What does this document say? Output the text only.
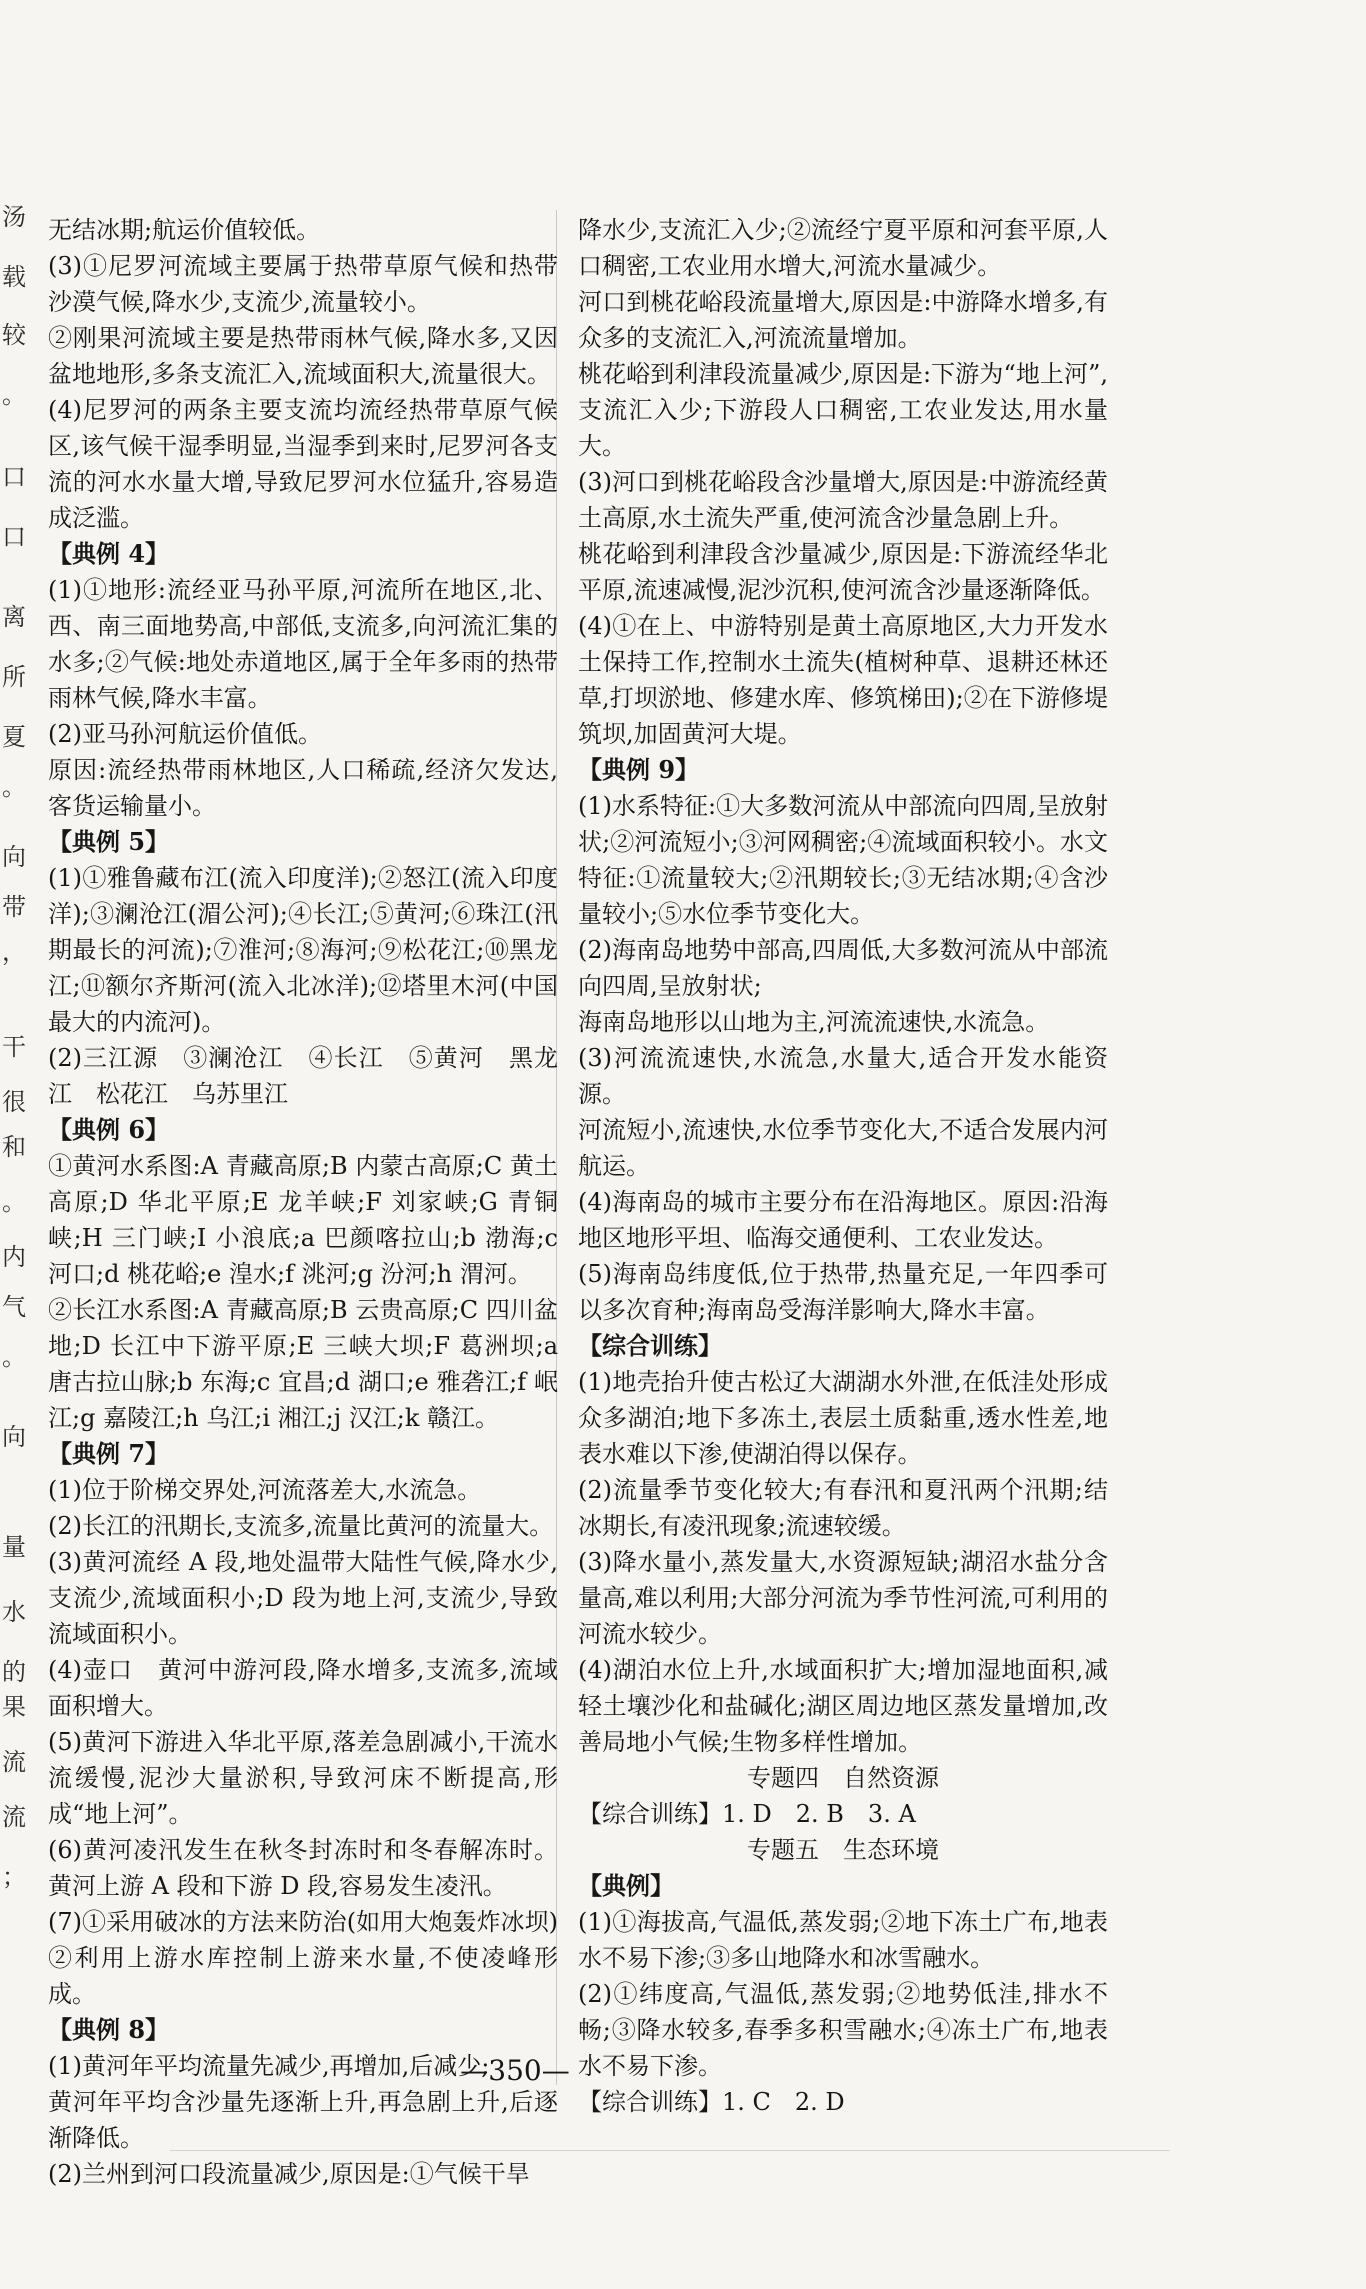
汤
载
较
。
口
口
离
所
夏
。
向
带
，
干
很
和
。
内
气
。
向
量
水
的
果
流
流
；

无结冰期;航运价值较低。

(3)①尼罗河流域主要属于热带草原气候和热带沙漠气候,降水少,支流少,流量较小。

②刚果河流域主要是热带雨林气候,降水多,又因盆地地形,多条支流汇入,流域面积大,流量很大。

(4)尼罗河的两条主要支流均流经热带草原气候区,该气候干湿季明显,当湿季到来时,尼罗河各支流的河水水量大增,导致尼罗河水位猛升,容易造成泛滥。

【典例 4】

(1)①地形:流经亚马孙平原,河流所在地区,北、西、南三面地势高,中部低,支流多,向河流汇集的水多;②气候:地处赤道地区,属于全年多雨的热带雨林气候,降水丰富。

(2)亚马孙河航运价值低。

原因:流经热带雨林地区,人口稀疏,经济欠发达,客货运输量小。

【典例 5】

(1)①雅鲁藏布江(流入印度洋);②怒江(流入印度洋);③澜沧江(湄公河);④长江;⑤黄河;⑥珠江(汛期最长的河流);⑦淮河;⑧海河;⑨松花江;⑩黑龙江;⑪额尔齐斯河(流入北冰洋);⑫塔里木河(中国最大的内流河)。

(2)三江源　③澜沧江　④长江　⑤黄河　黑龙江　松花江　乌苏里江

【典例 6】

①黄河水系图:A 青藏高原;B 内蒙古高原;C 黄土高原;D 华北平原;E 龙羊峡;F 刘家峡;G 青铜峡;H 三门峡;I 小浪底;a 巴颜喀拉山;b 渤海;c 河口;d 桃花峪;e 湟水;f 洮河;g 汾河;h 渭河。

②长江水系图:A 青藏高原;B 云贵高原;C 四川盆地;D 长江中下游平原;E 三峡大坝;F 葛洲坝;a 唐古拉山脉;b 东海;c 宜昌;d 湖口;e 雅砻江;f 岷江;g 嘉陵江;h 乌江;i 湘江;j 汉江;k 赣江。

【典例 7】

(1)位于阶梯交界处,河流落差大,水流急。

(2)长江的汛期长,支流多,流量比黄河的流量大。

(3)黄河流经 A 段,地处温带大陆性气候,降水少,支流少,流域面积小;D 段为地上河,支流少,导致流域面积小。

(4)壶口　黄河中游河段,降水增多,支流多,流域面积增大。

(5)黄河下游进入华北平原,落差急剧减小,干流水流缓慢,泥沙大量淤积,导致河床不断提高,形成“地上河”。

(6)黄河凌汛发生在秋冬封冻时和冬春解冻时。黄河上游 A 段和下游 D 段,容易发生凌汛。

(7)①采用破冰的方法来防治(如用大炮轰炸冰坝)　②利用上游水库控制上游来水量,不使凌峰形成。

【典例 8】

(1)黄河年平均流量先减少,再增加,后减少;

黄河年平均含沙量先逐渐上升,再急剧上升,后逐渐降低。

(2)兰州到河口段流量减少,原因是:①气候干旱

降水少,支流汇入少;②流经宁夏平原和河套平原,人口稠密,工农业用水增大,河流水量减少。

河口到桃花峪段流量增大,原因是:中游降水增多,有众多的支流汇入,河流流量增加。

桃花峪到利津段流量减少,原因是:下游为“地上河”,支流汇入少;下游段人口稠密,工农业发达,用水量大。

(3)河口到桃花峪段含沙量增大,原因是:中游流经黄土高原,水土流失严重,使河流含沙量急剧上升。

桃花峪到利津段含沙量减少,原因是:下游流经华北平原,流速减慢,泥沙沉积,使河流含沙量逐渐降低。

(4)①在上、中游特别是黄土高原地区,大力开发水土保持工作,控制水土流失(植树种草、退耕还林还草,打坝淤地、修建水库、修筑梯田);②在下游修堤筑坝,加固黄河大堤。

【典例 9】

(1)水系特征:①大多数河流从中部流向四周,呈放射状;②河流短小;③河网稠密;④流域面积较小。水文特征:①流量较大;②汛期较长;③无结冰期;④含沙量较小;⑤水位季节变化大。

(2)海南岛地势中部高,四周低,大多数河流从中部流向四周,呈放射状;

海南岛地形以山地为主,河流流速快,水流急。

(3)河流流速快,水流急,水量大,适合开发水能资源。

河流短小,流速快,水位季节变化大,不适合发展内河航运。

(4)海南岛的城市主要分布在沿海地区。原因:沿海地区地形平坦、临海交通便利、工农业发达。

(5)海南岛纬度低,位于热带,热量充足,一年四季可以多次育种;海南岛受海洋影响大,降水丰富。

【综合训练】

(1)地壳抬升使古松辽大湖湖水外泄,在低洼处形成众多湖泊;地下多冻土,表层土质黏重,透水性差,地表水难以下渗,使湖泊得以保存。

(2)流量季节变化较大;有春汛和夏汛两个汛期;结冰期长,有凌汛现象;流速较缓。

(3)降水量小,蒸发量大,水资源短缺;湖沼水盐分含量高,难以利用;大部分河流为季节性河流,可利用的河流水较少。

(4)湖泊水位上升,水域面积扩大;增加湿地面积,减轻土壤沙化和盐碱化;湖区周边地区蒸发量增加,改善局地小气候;生物多样性增加。

专题四　自然资源

【综合训练】1. D　2. B　3. A

专题五　生态环境

【典例】

(1)①海拔高,气温低,蒸发弱;②地下冻土广布,地表水不易下渗;③多山地降水和冰雪融水。

(2)①纬度高,气温低,蒸发弱;②地势低洼,排水不畅;③降水较多,春季多积雪融水;④冻土广布,地表水不易下渗。

【综合训练】1. C　2. D

—350—
